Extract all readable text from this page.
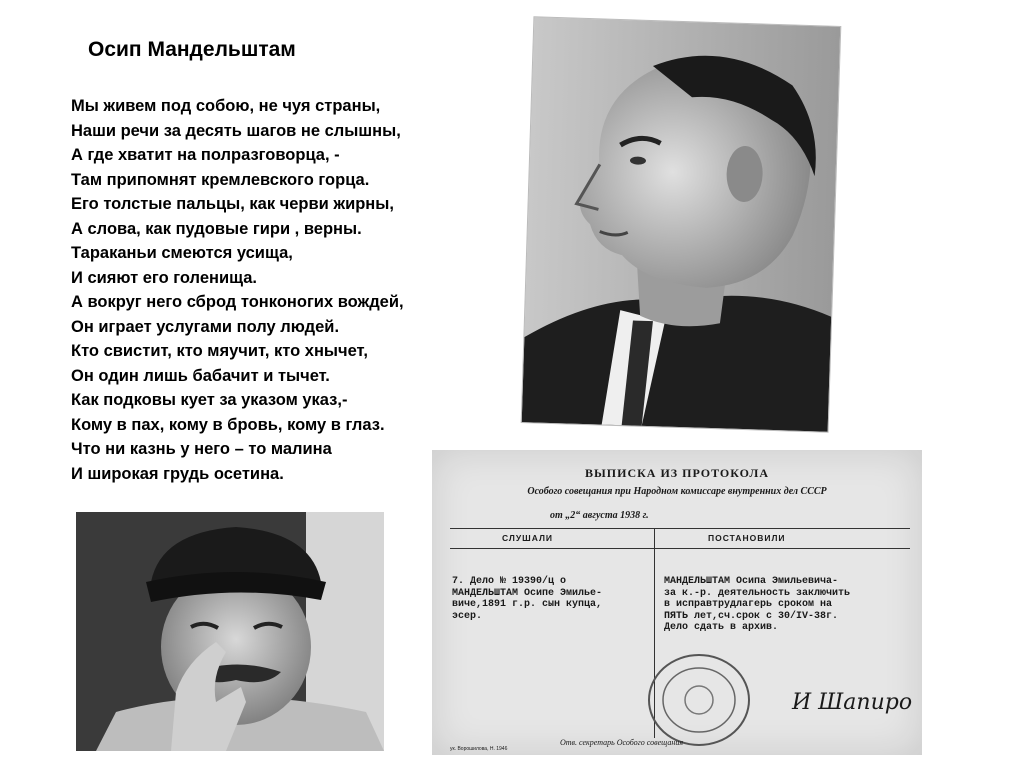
Осип Мандельштам
Мы живем под собою, не чуя страны,
Наши речи за десять шагов не слышны,
А где хватит на полразговорца, -
Там припомнят кремлевского горца.
Его толстые пальцы, как черви жирны,
А слова, как пудовые гири , верны.
Тараканьи смеются усища,
И сияют его голенища.
А вокруг него сброд тонконогих вождей,
Он играет услугами полу людей.
Кто свистит, кто мяучит, кто хнычет,
Он один лишь бабачит и тычет.
Как подковы кует за указом указ,-
Кому в пах, кому в бровь, кому в глаз.
Что ни казнь у него – то малина
И широкая грудь осетина.	ВЫПИСКА ИЗ ПРОТОКОЛА
Особого совещания при Народном комиссаре внутренних дел СССР
от „2“ августа 1938 г.
СЛУШАЛИ	ПОСТАНОВИЛИ
7. Дело № 19390/ц о
МАНДЕЛЬШТАМ Осипе Эмилье-
виче,1891 г.р. сын купца,
эсер.
МАНДЕЛЬШТАМ Осипа Эмильевича-
за к.-р. деятельность заключить
в исправтрудлагерь сроком на
ПЯТЬ лет,сч.срок с 30/IV-38г.
Дело сдать в архив.
И Шапиро
Отв. секретарь Особого совещания
ук. Ворошилова, Н. 1946
